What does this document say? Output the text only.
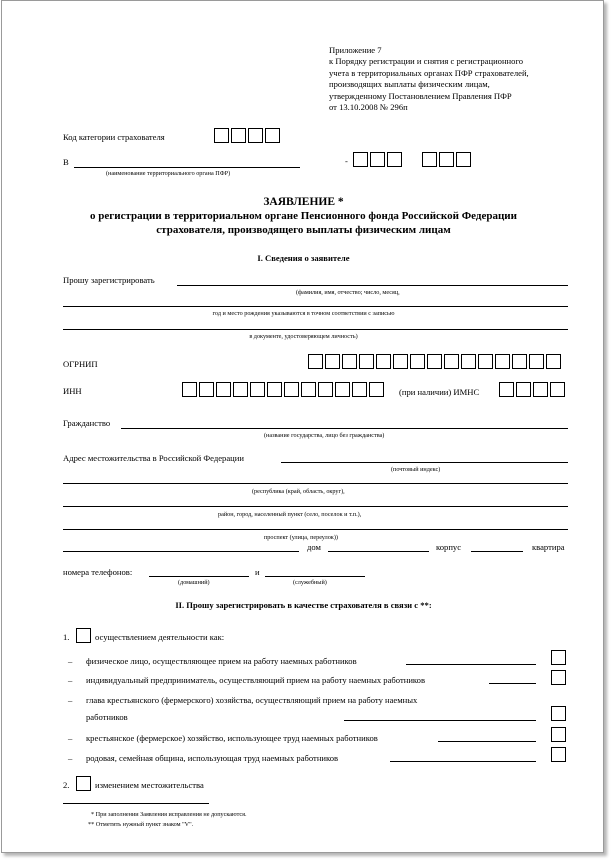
Приложение 7
к Порядку регистрации и снятия с регистрационного
учета в территориальных органах ПФР страхователей,
производящих выплаты физическим лицам,
утвержденному Постановлением Правления ПФР
от 13.10.2008 № 296п
Код категории страхователя
В
(наименование территориального органа ПФР)
-
ЗАЯВЛЕНИЕ *
о регистрации в территориальном органе Пенсионного фонда Российской Федерации
страхователя, производящего выплаты физическим лицам
I. Сведения о заявителе
Прошу зарегистрировать
(фамилия, имя, отчество; число, месяц,
год и место рождения указываются в точном соответствии с записью
в документе, удостоверяющем личность)
ОГРНИП
ИНН	(при наличии) ИМНС
Гражданство
(название государства, лицо без гражданства)
Адрес местожительства в Российской Федерации
(почтовый индекс)
(республика (край, область, округ),
район, город, населенный пункт (село, поселок и т.п.),
проспект (улица, переулок))
дом	корпус	квартира
номера телефонов:
(домашний)
и
(служебный)
II. Прошу зарегистрировать в качестве страхователя в связи с **:
1.	осуществлением деятельности как:
– физическое лицо, осуществляющее прием на работу наемных работников
– индивидуальный предприниматель, осуществляющий прием на работу наемных работников
– глава крестьянского (фермерского) хозяйства, осуществляющий прием на работу наемных
работников
– крестьянское (фермерское) хозяйство, использующее труд наемных работников
– родовая, семейная община, использующая труд наемных работников
2.	изменением местожительства
* При заполнении Заявления исправления не допускаются.
** Отметить нужный пункт знаком "V".
